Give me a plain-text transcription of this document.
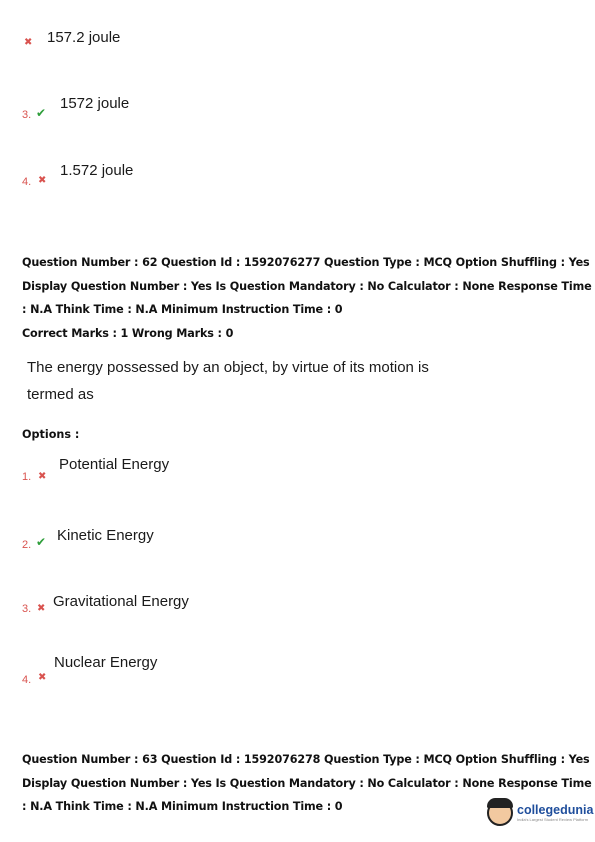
✖ 157.2 joule
3. ✔
1572 joule
4. ✖
1.572 joule
Question Number : 62 Question Id : 1592076277 Question Type : MCQ Option Shuffling : Yes
Display Question Number : Yes Is Question Mandatory : No Calculator : None Response Time
: N.A Think Time : N.A Minimum Instruction Time : 0
Correct Marks : 1 Wrong Marks : 0
The energy possessed by an object, by virtue of its motion is
termed as
Options :
1. ✖
Potential Energy
2. ✔ Kinetic Energy
3. ✖ Gravitational Energy
4. ✖
Nuclear Energy
Question Number : 63 Question Id : 1592076278 Question Type : MCQ Option Shuffling : Yes
Display Question Number : Yes Is Question Mandatory : No Calculator : None Response Time
: N.A Think Time : N.A Minimum Instruction Time : 0	collegedunia
India's Largest Student Review Platform
